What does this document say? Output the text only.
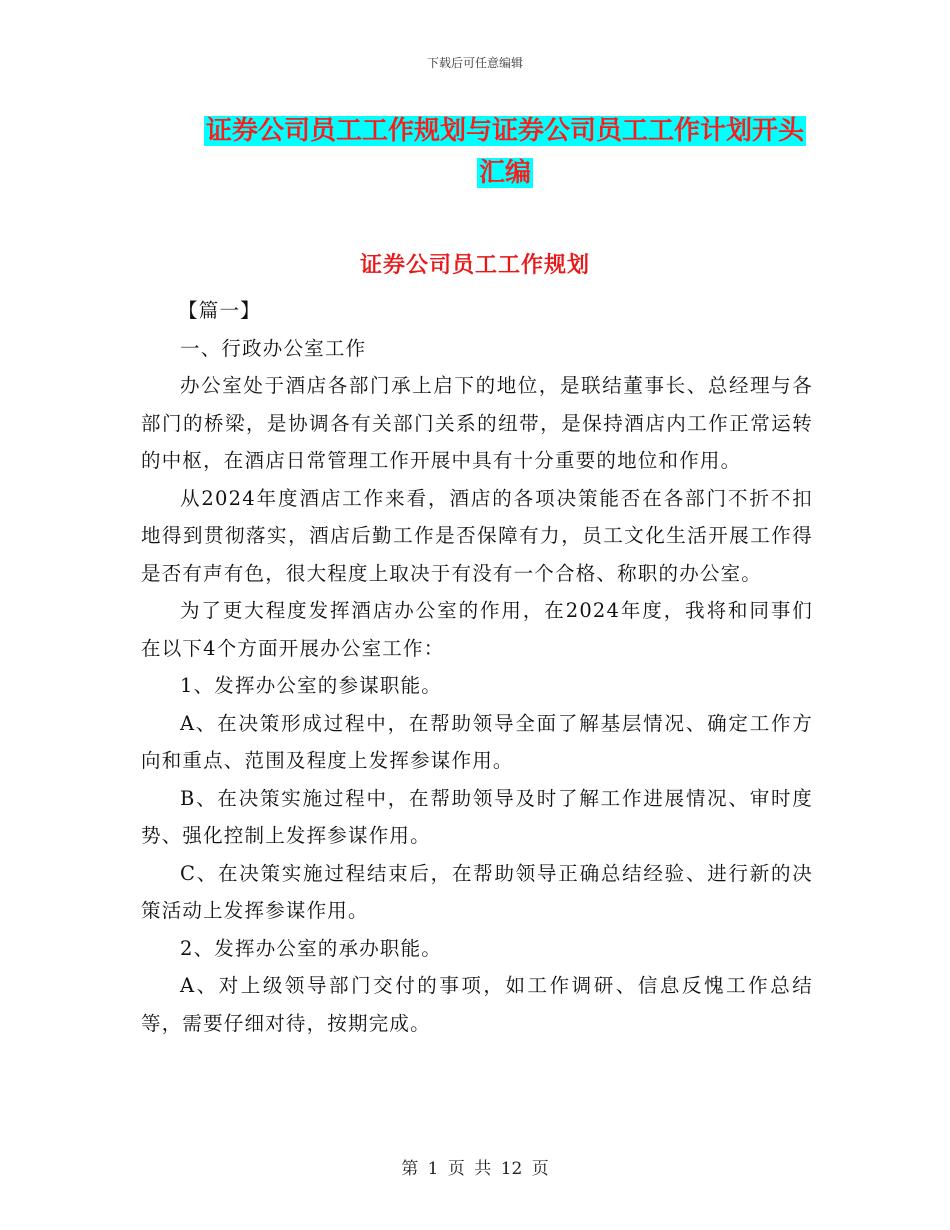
下载后可任意编辑
证券公司员工工作规划与证券公司员工工作计划开头
汇编
证券公司员工工作规划

【篇一】

一、行政办公室工作

办公室处于酒店各部门承上启下的地位，是联结董事长、总经理与各部门的桥梁，是协调各有关部门关系的纽带，是保持酒店内工作正常运转的中枢，在酒店日常管理工作开展中具有十分重要的地位和作用。

从2024年度酒店工作来看，酒店的各项决策能否在各部门不折不扣地得到贯彻落实，酒店后勤工作是否保障有力，员工文化生活开展工作得是否有声有色，很大程度上取决于有没有一个合格、称职的办公室。

为了更大程度发挥酒店办公室的作用，在2024年度，我将和同事们在以下4个方面开展办公室工作：

1、发挥办公室的参谋职能。

A、在决策形成过程中，在帮助领导全面了解基层情况、确定工作方向和重点、范围及程度上发挥参谋作用。

B、在决策实施过程中，在帮助领导及时了解工作进展情况、审时度势、强化控制上发挥参谋作用。

C、在决策实施过程结束后，在帮助领导正确总结经验、进行新的决策活动上发挥参谋作用。

2、发挥办公室的承办职能。

A、对上级领导部门交付的事项，如工作调研、信息反愧工作总结等，需要仔细对待，按期完成。

第 1 页 共 12 页
